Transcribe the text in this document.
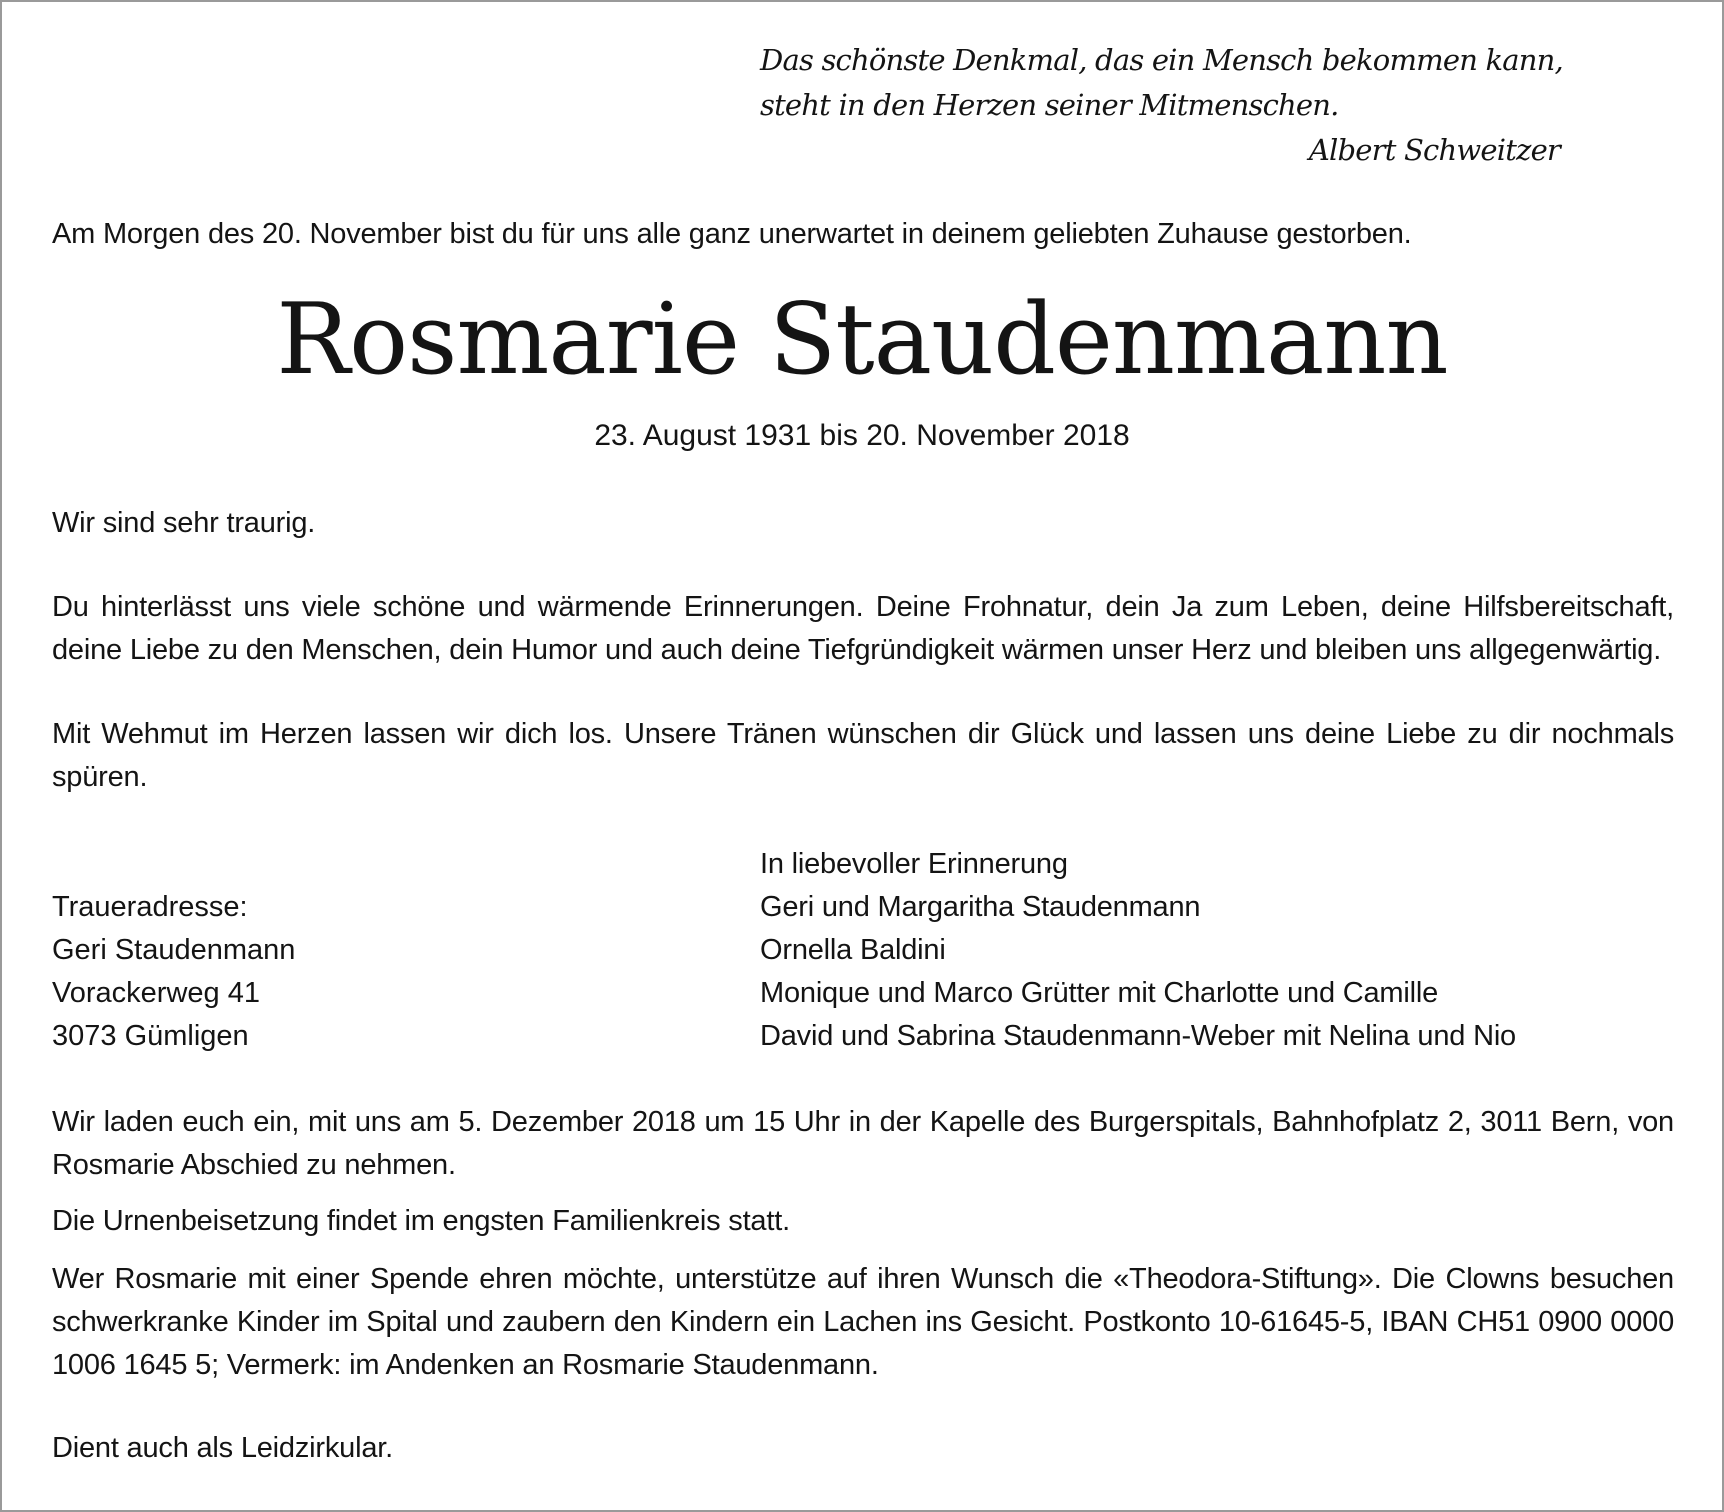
Das schönste Denkmal, das ein Mensch bekommen kann,
steht in den Herzen seiner Mitmenschen.
Albert Schweitzer
Am Morgen des 20. November bist du für uns alle ganz unerwartet in deinem geliebten Zuhause gestorben.
Rosmarie Staudenmann
23. August 1931 bis 20. November 2018
Wir sind sehr traurig.
Du hinterlässt uns viele schöne und wärmende Erinnerungen. Deine Frohnatur, dein Ja zum Leben, deine Hilfsbereitschaft, deine Liebe zu den Menschen, dein Humor und auch deine Tiefgründigkeit wärmen unser Herz und bleiben uns allgegenwärtig.
Mit Wehmut im Herzen lassen wir dich los. Unsere Tränen wünschen dir Glück und lassen uns deine Liebe zu dir nochmals spüren.
Traueradresse:
Geri Staudenmann
Vorackerweg 41
3073 Gümligen
In liebevoller Erinnerung
Geri und Margaritha Staudenmann
Ornella Baldini
Monique und Marco Grütter mit Charlotte und Camille
David und Sabrina Staudenmann-Weber mit Nelina und Nio
Wir laden euch ein, mit uns am 5. Dezember 2018 um 15 Uhr in der Kapelle des Burgerspitals, Bahnhofplatz 2, 3011 Bern, von Rosmarie Abschied zu nehmen.
Die Urnenbeisetzung findet im engsten Familienkreis statt.
Wer Rosmarie mit einer Spende ehren möchte, unterstütze auf ihren Wunsch die «Theodora-Stiftung». Die Clowns besuchen schwerkranke Kinder im Spital und zaubern den Kindern ein Lachen ins Gesicht. Postkonto 10-61645-5, IBAN CH51 0900 0000 1006 1645 5; Vermerk: im Andenken an Rosmarie Staudenmann.
Dient auch als Leidzirkular.
